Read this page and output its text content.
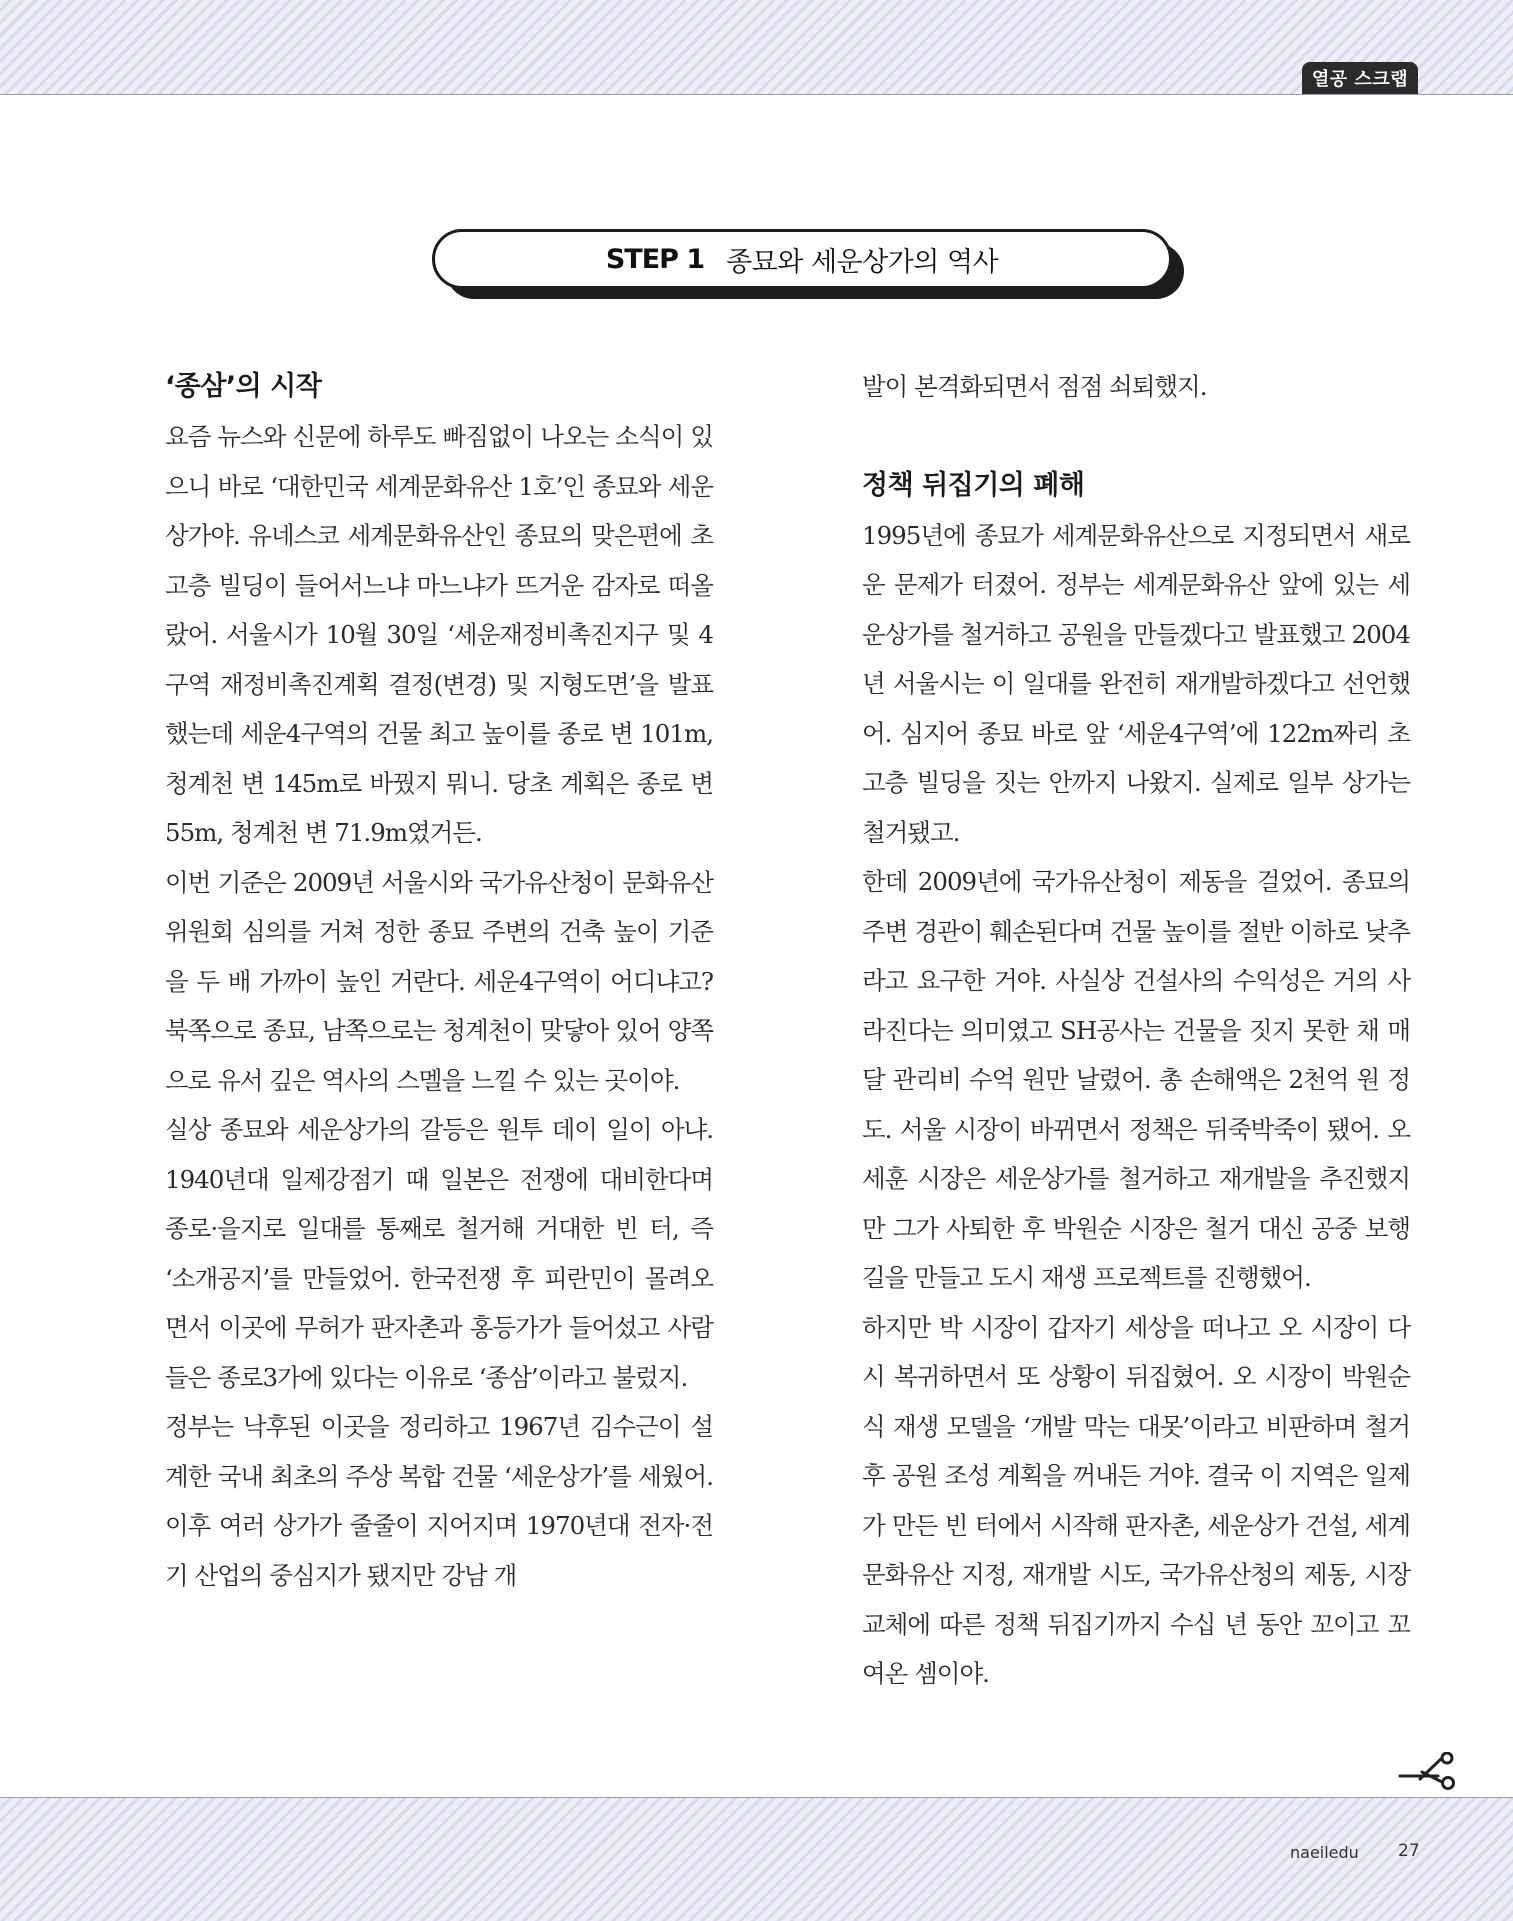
열공 스크랩
STEP 1 종묘와 세운상가의 역사
‘종삼’의 시작

요즘 뉴스와 신문에 하루도 빠짐없이 나오는 소식이 있으니 바로 ‘대한민국 세계문화유산 1호’인 종묘와 세운상가야. 유네스코 세계문화유산인 종묘의 맞은편에 초고층 빌딩이 들어서느냐 마느냐가 뜨거운 감자로 떠올랐어. 서울시가 10월 30일 ‘세운재정비촉진지구 및 4구역 재정비촉진계획 결정(변경) 및 지형도면’을 발표했는데 세운4구역의 건물 최고 높이를 종로 변 101m, 청계천 변 145m로 바꿨지 뭐니. 당초 계획은 종로 변 55m, 청계천 변 71.9m였거든.

이번 기준은 2009년 서울시와 국가유산청이 문화유산위원회 심의를 거쳐 정한 종묘 주변의 건축 높이 기준을 두 배 가까이 높인 거란다. 세운4구역이 어디냐고? 북쪽으로 종묘, 남쪽으로는 청계천이 맞닿아 있어 양쪽으로 유서 깊은 역사의 스멜을 느낄 수 있는 곳이야.

실상 종묘와 세운상가의 갈등은 원투 데이 일이 아냐. 1940년대 일제강점기 때 일본은 전쟁에 대비한다며 종로·을지로 일대를 통째로 철거해 거대한 빈 터, 즉 ‘소개공지’를 만들었어. 한국전쟁 후 피란민이 몰려오면서 이곳에 무허가 판자촌과 홍등가가 들어섰고 사람들은 종로3가에 있다는 이유로 ‘종삼’이라고 불렀지.

정부는 낙후된 이곳을 정리하고 1967년 김수근이 설계한 국내 최초의 주상 복합 건물 ‘세운상가’를 세웠어. 이후 여러 상가가 줄줄이 지어지며 1970년대 전자·전기 산업의 중심지가 됐지만 강남 개

발이 본격화되면서 점점 쇠퇴했지.

정책 뒤집기의 폐해

1995년에 종묘가 세계문화유산으로 지정되면서 새로운 문제가 터졌어. 정부는 세계문화유산 앞에 있는 세운상가를 철거하고 공원을 만들겠다고 발표했고 2004년 서울시는 이 일대를 완전히 재개발하겠다고 선언했어. 심지어 종묘 바로 앞 ‘세운4구역’에 122m짜리 초고층 빌딩을 짓는 안까지 나왔지. 실제로 일부 상가는 철거됐고.

한데 2009년에 국가유산청이 제동을 걸었어. 종묘의 주변 경관이 훼손된다며 건물 높이를 절반 이하로 낮추라고 요구한 거야. 사실상 건설사의 수익성은 거의 사라진다는 의미였고 SH공사는 건물을 짓지 못한 채 매달 관리비 수억 원만 날렸어. 총 손해액은 2천억 원 정도. 서울 시장이 바뀌면서 정책은 뒤죽박죽이 됐어. 오세훈 시장은 세운상가를 철거하고 재개발을 추진했지만 그가 사퇴한 후 박원순 시장은 철거 대신 공중 보행길을 만들고 도시 재생 프로젝트를 진행했어.

하지만 박 시장이 갑자기 세상을 떠나고 오 시장이 다시 복귀하면서 또 상황이 뒤집혔어. 오 시장이 박원순식 재생 모델을 ‘개발 막는 대못’이라고 비판하며 철거 후 공원 조성 계획을 꺼내든 거야. 결국 이 지역은 일제가 만든 빈 터에서 시작해 판자촌, 세운상가 건설, 세계문화유산 지정, 재개발 시도, 국가유산청의 제동, 시장 교체에 따른 정책 뒤집기까지 수십 년 동안 꼬이고 꼬여온 셈이야.

naeiledu 27
